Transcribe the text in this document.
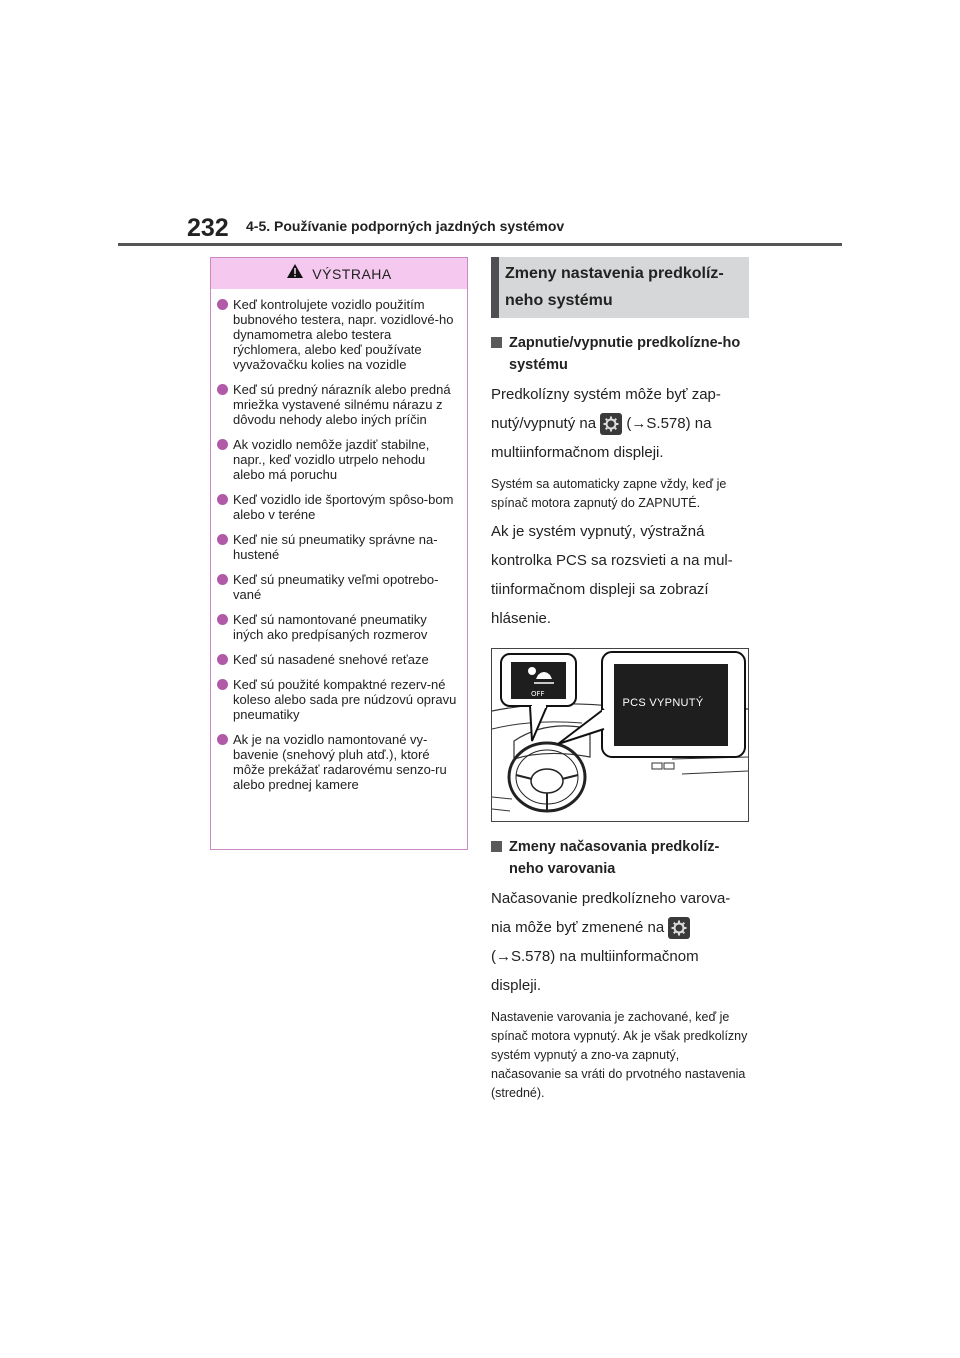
232 4-5. Používanie podporných jazdných systémov
VÝSTRAHA
Keď kontrolujete vozidlo použitím bubnového testera, napr. vozidlové-ho dynamometra alebo testera rýchlomera, alebo keď používate vyvažovačku kolies na vozidle
Keď sú predný nárazník alebo predná mriežka vystavené silnému nárazu z dôvodu nehody alebo iných príčin
Ak vozidlo nemôže jazdiť stabilne, napr., keď vozidlo utrpelo nehodu alebo má poruchu
Keď vozidlo ide športovým spôso-bom alebo v teréne
Keď nie sú pneumatiky správne na-hustené
Keď sú pneumatiky veľmi opotrebo-vané
Keď sú namontované pneumatiky iných ako predpísaných rozmerov
Keď sú nasadené snehové reťaze
Keď sú použité kompaktné rezerv-né koleso alebo sada pre núdzovú opravu pneumatiky
Ak je na vozidlo namontované vy-bavenie (snehový pluh atď.), ktoré môže prekážať radarovému senzo-ru alebo prednej kamere
Zmeny nastavenia predkolíz-neho systému
Zapnutie/vypnutie predkolízne-ho systému
Predkolízny systém môže byť zap-nutý/vypnutý na (→S.578) na multiinformačnom displeji.
Systém sa automaticky zapne vždy, keď je spínač motora zapnutý do ZAPNUTÉ.
Ak je systém vypnutý, výstražná kontrolka PCS sa rozsvieti a na mul-tiinformačnom displeji sa zobrazí hlásenie.
OFF
PCS VYPNUTÝ
Zmeny načasovania predkolíz-neho varovania
Načasovanie predkolízneho varova-nia môže byť zmenené na
(→S.578) na multiinformačnom displeji.
Nastavenie varovania je zachované, keď je spínač motora vypnutý. Ak je však predkolízny systém vypnutý a zno-va zapnutý, načasovanie sa vráti do prvotného nastavenia (stredné).
